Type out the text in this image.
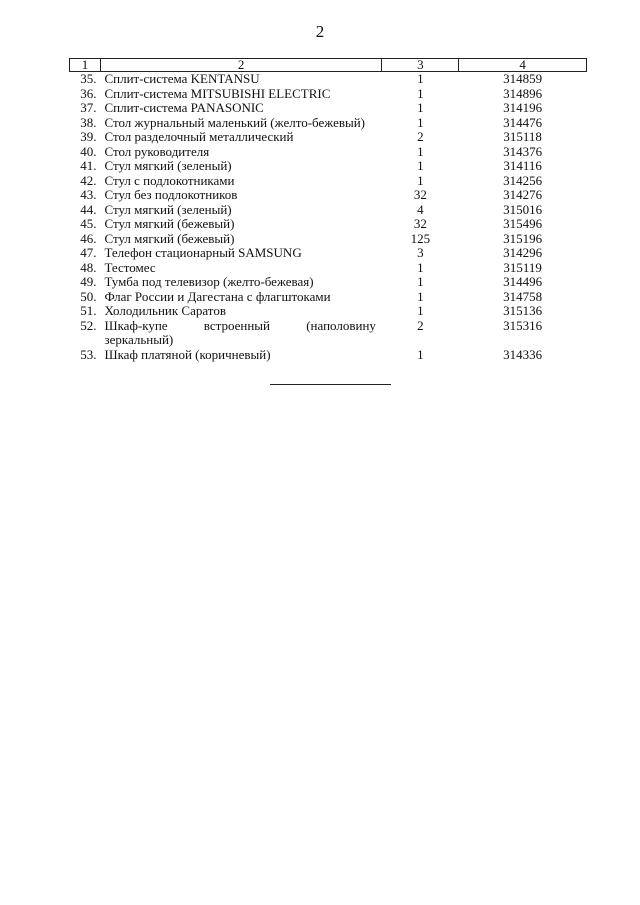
2
1	2	3	4
35.	Сплит-система KENTANSU	1	314859
36.	Сплит-система MITSUBISHI ELECTRIC	1	314896
37.	Сплит-система PANASONIC	1	314196
38.	Стол журнальный маленький (желто-бежевый)	1	314476
39.	Стол разделочный металлический	2	315118
40.	Стол руководителя	1	314376
41.	Стул мягкий (зеленый)	1	314116
42.	Стул с подлокотниками	1	314256
43.	Стул без подлокотников	32	314276
44.	Стул мягкий (зеленый)	4	315016
45.	Стул мягкий (бежевый)	32	315496
46.	Стул мягкий (бежевый)	125	315196
47.	Телефон стационарный SAMSUNG	3	314296
48.	Тестомес	1	315119
49.	Тумба под телевизор (желто-бежевая)	1	314496
50.	Флаг России и Дагестана с флагштоками	1	314758
51.	Холодильник Саратов	1	315136
52.	Шкаф-купе встроенный (наполовину
зеркальный)	2	315316
53.	Шкаф платяной (коричневый)	1	314336
